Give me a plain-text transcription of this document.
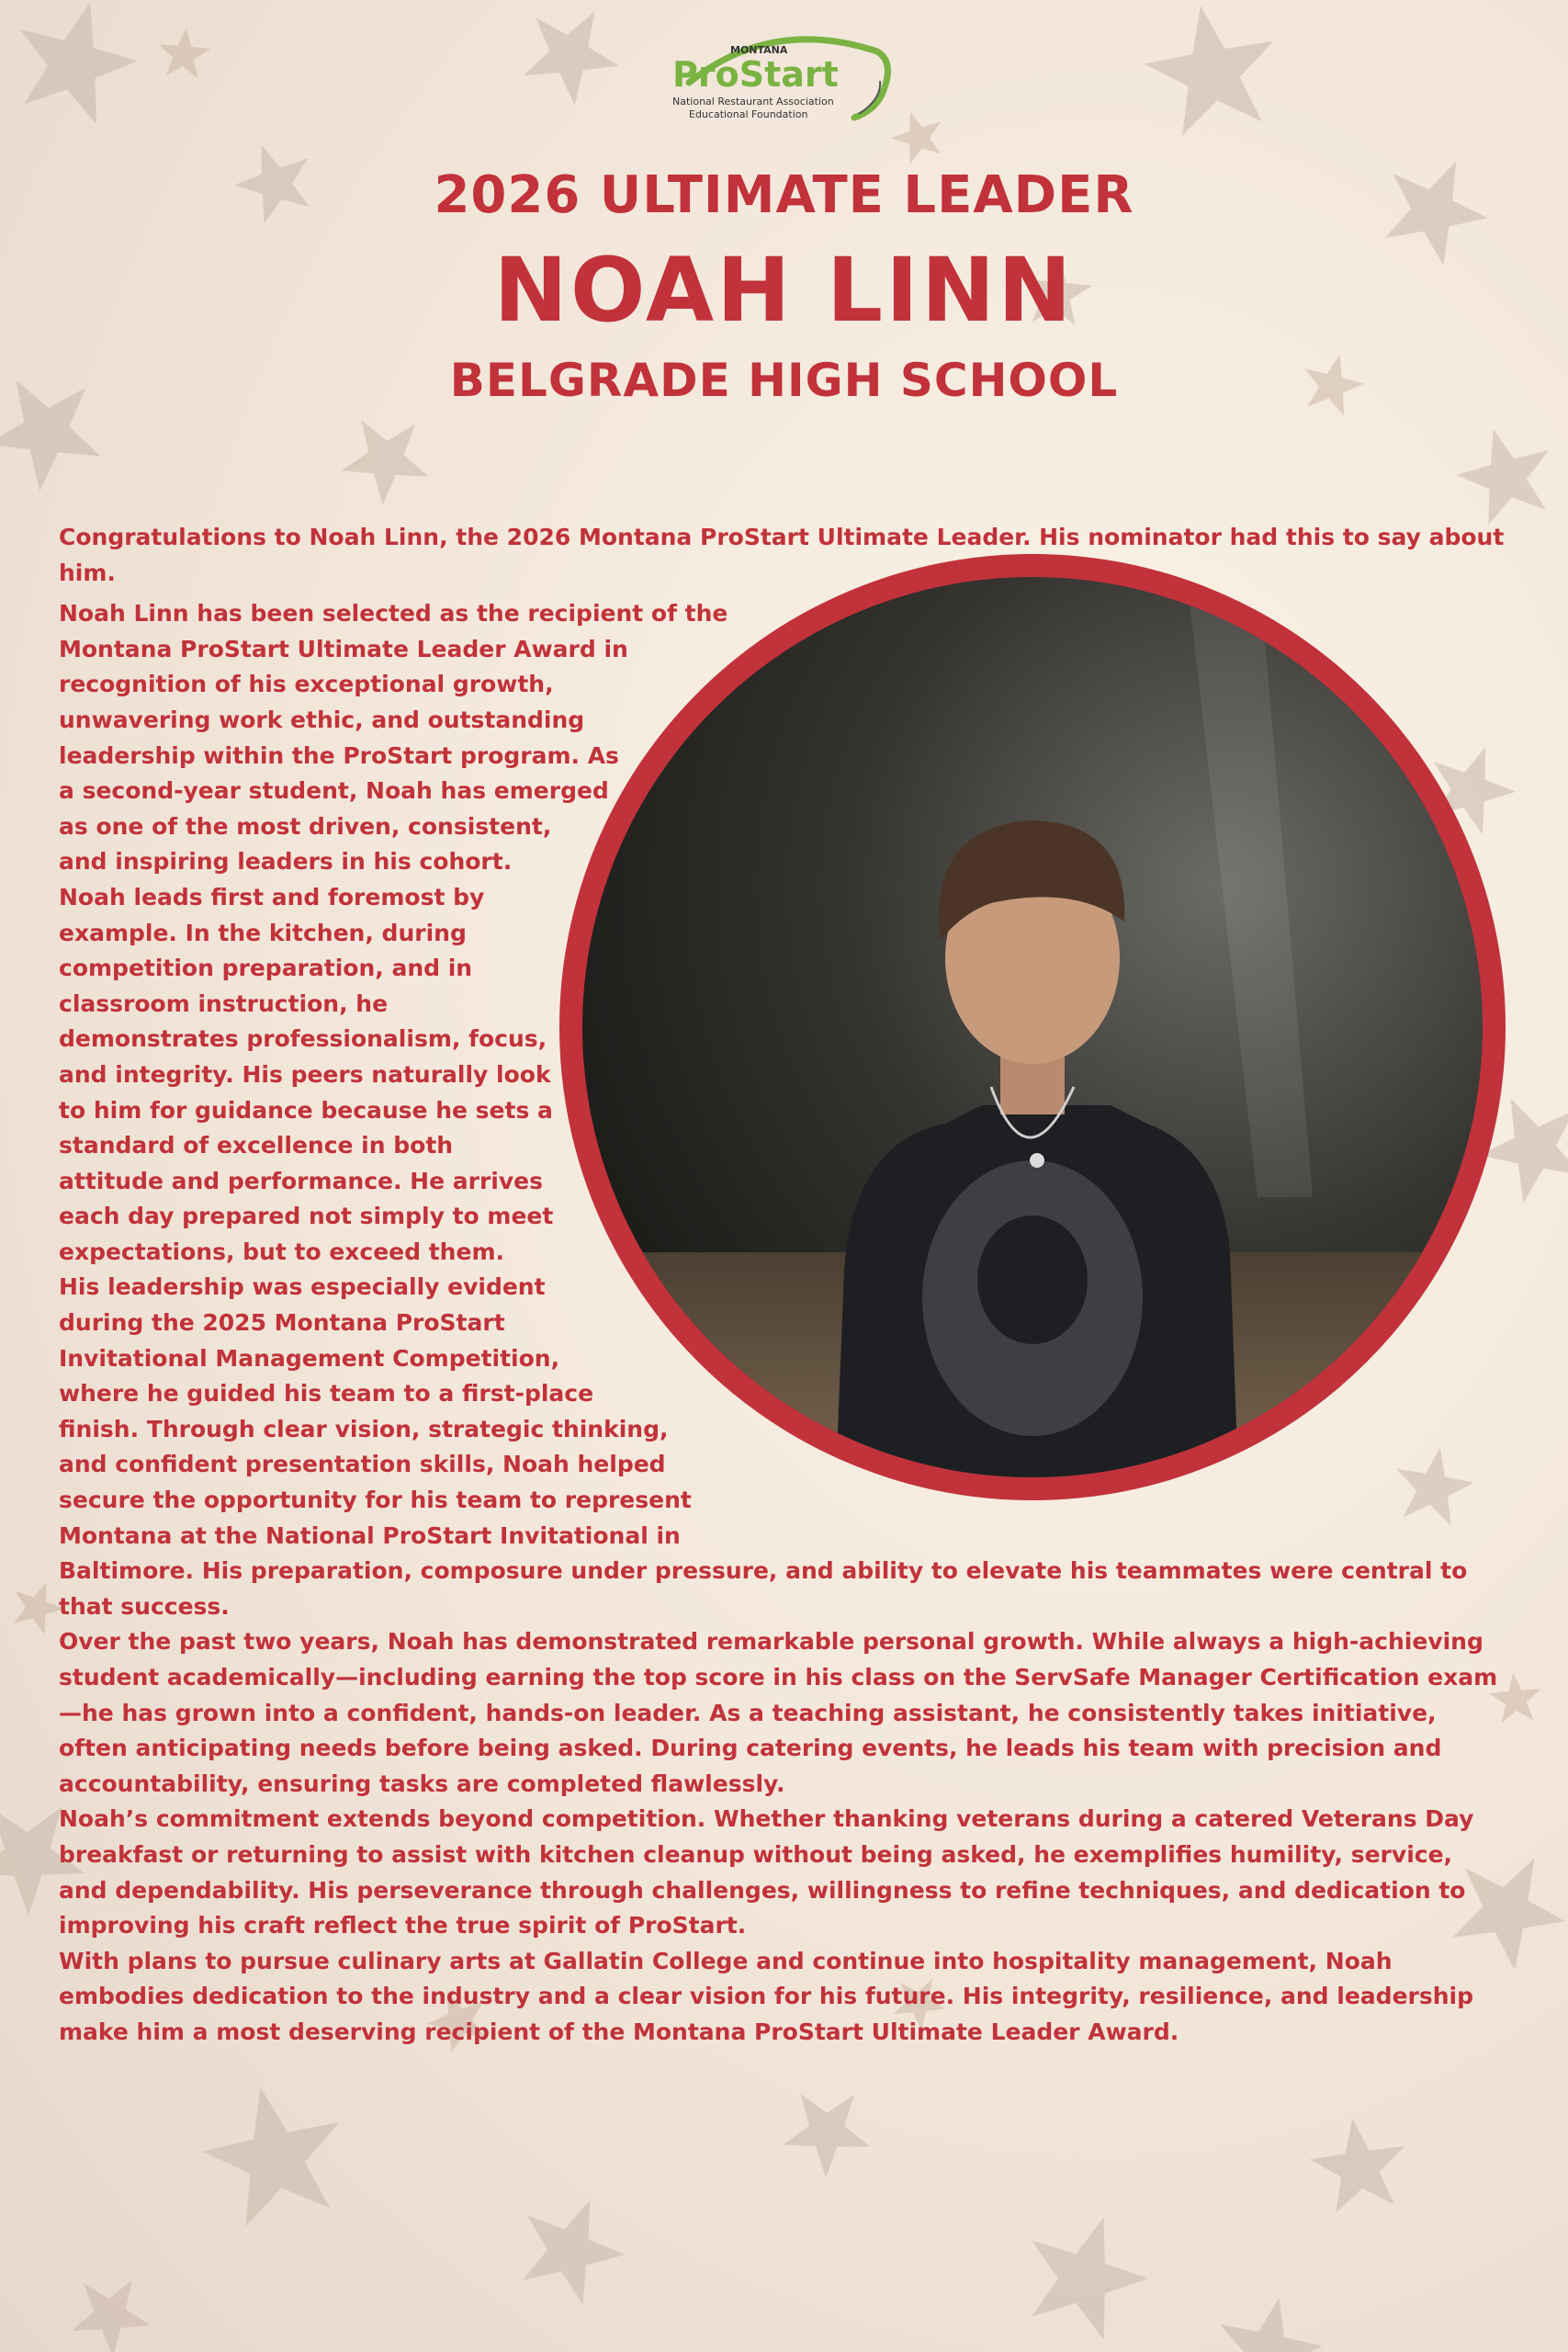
MONTANA
ProStart
National Restaurant Association
Educational Foundation
2026 ULTIMATE LEADER
NOAH LINN
BELGRADE HIGH SCHOOL

Congratulations to Noah Linn, the 2026 Montana ProStart Ultimate Leader. His nominator had this to say about him.

Noah Linn has been selected as the recipient of the Montana ProStart Ultimate Leader Award in recognition of his exceptional growth, unwavering work ethic, and outstanding leadership within the ProStart program. As a second-year student, Noah has emerged as one of the most driven, consistent, and inspiring leaders in his cohort.

Noah leads first and foremost by example. In the kitchen, during competition preparation, and in classroom instruction, he demonstrates professionalism, focus, and integrity. His peers naturally look to him for guidance because he sets a standard of excellence in both attitude and performance. He arrives each day prepared not simply to meet expectations, but to exceed them.

His leadership was especially evident during the 2025 Montana ProStart Invitational Management Competition, where he guided his team to a first-place finish. Through clear vision, strategic thinking, and confident presentation skills, Noah helped secure the opportunity for his team to represent Montana at the National ProStart Invitational in Baltimore. His preparation, composure under pressure, and ability to elevate his teammates were central to that success.

Over the past two years, Noah has demonstrated remarkable personal growth. While always a high-achieving student academically—including earning the top score in his class on the ServSafe Manager Certification exam—he has grown into a confident, hands-on leader. As a teaching assistant, he consistently takes initiative, often anticipating needs before being asked. During catering events, he leads his team with precision and accountability, ensuring tasks are completed flawlessly.

Noah’s commitment extends beyond competition. Whether thanking veterans during a catered Veterans Day breakfast or returning to assist with kitchen cleanup without being asked, he exemplifies humility, service, and dependability. His perseverance through challenges, willingness to refine techniques, and dedication to improving his craft reflect the true spirit of ProStart.

With plans to pursue culinary arts at Gallatin College and continue into hospitality management, Noah embodies dedication to the industry and a clear vision for his future. His integrity, resilience, and leadership make him a most deserving recipient of the Montana ProStart Ultimate Leader Award.
